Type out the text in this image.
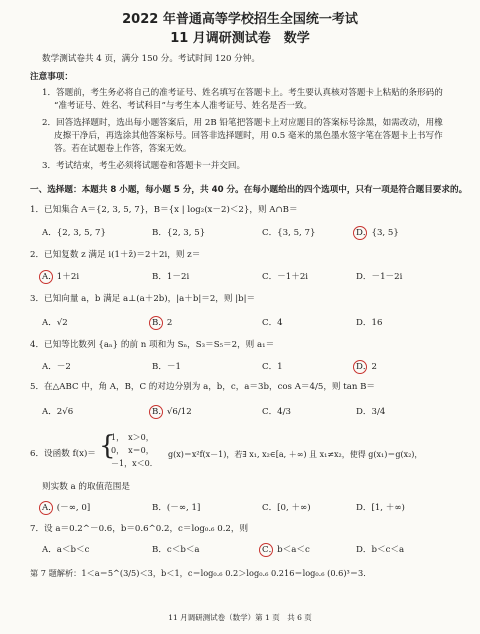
2022 年普通高等学校招生全国统一考试
11 月调研测试卷　数学
数学测试卷共 4 页，满分 150 分。考试时间 120 分钟。
注意事项：
1．答题前，考生务必将自己的准考证号、姓名填写在答题卡上。考生要认真核对答题卡上粘贴的条形码的
“准考证号、姓名、考试科目”与考生本人准考证号、姓名是否一致。
2．回答选择题时，选出每小题答案后，用 2B 铅笔把答题卡上对应题目的答案标号涂黑，如需改动，用橡
皮擦干净后，再选涂其他答案标号。回答非选择题时，用 0.5 毫米的黑色墨水签字笔在答题卡上书写作
答。若在试题卷上作答，答案无效。
3．考试结束，考生必须将试题卷和答题卡一并交回。
一、选择题：本题共 8 小题，每小题 5 分，共 40 分。在每小题给出的四个选项中，只有一项是符合题目要求的。
1．已知集合 A＝{2, 3, 5, 7}，B＝{x | log₂(x－2)＜2}，则 A∩B＝
A．{2, 3, 5, 7}	B．{2, 3, 5}	C．{3, 5, 7}	D．{3, 5}
2．已知复数 z 满足 i(1＋z̄)＝2＋2i，则 z＝
A．1＋2i	B．1－2i	C．－1＋2i	D．－1－2i
3．已知向量 a，b 满足 a⊥(a＋2b)，|a＋b|＝2，则 |b|＝
A．√2	B．2	C．4	D．16
4．已知等比数列 {aₙ} 的前 n 项和为 Sₙ，S₃＝S₅＝2，则 a₁＝
A．－2	B．－1	C．1	D．2
5．在△ABC 中，角 A，B，C 的对边分别为 a，b，c，a＝3b，cos A＝4/5，则 tan B＝
A．2√6	B．√6/12	C．4/3	D．3/4
6．设函数 f(x)＝ {
1，　x＞0，
0，　x＝0，
－1，x＜0．
g(x)＝x²f(x－1)，若∃ x₁, x₂∈[a, ＋∞) 且 x₁≠x₂，使得 g(x₁)＝g(x₂)，
则实数 a 的取值范围是
A．(－∞, 0]	B．(－∞, 1]	C．[0, ＋∞)	D．[1, ＋∞)
7．设 a＝0.2^－0.6，b＝0.6^0.2，c＝log₀.₆ 0.2，则
A．a＜b＜c	B．c＜b＜a	C．b＜a＜c	D．b＜c＜a
第 7 题解析：1＜a＝5^(3/5)＜3，b＜1，c＝log₀.₆ 0.2＞log₀.₆ 0.216＝log₀.₆ (0.6)³＝3．
11 月调研测试卷（数学）第 1 页　共 6 页
